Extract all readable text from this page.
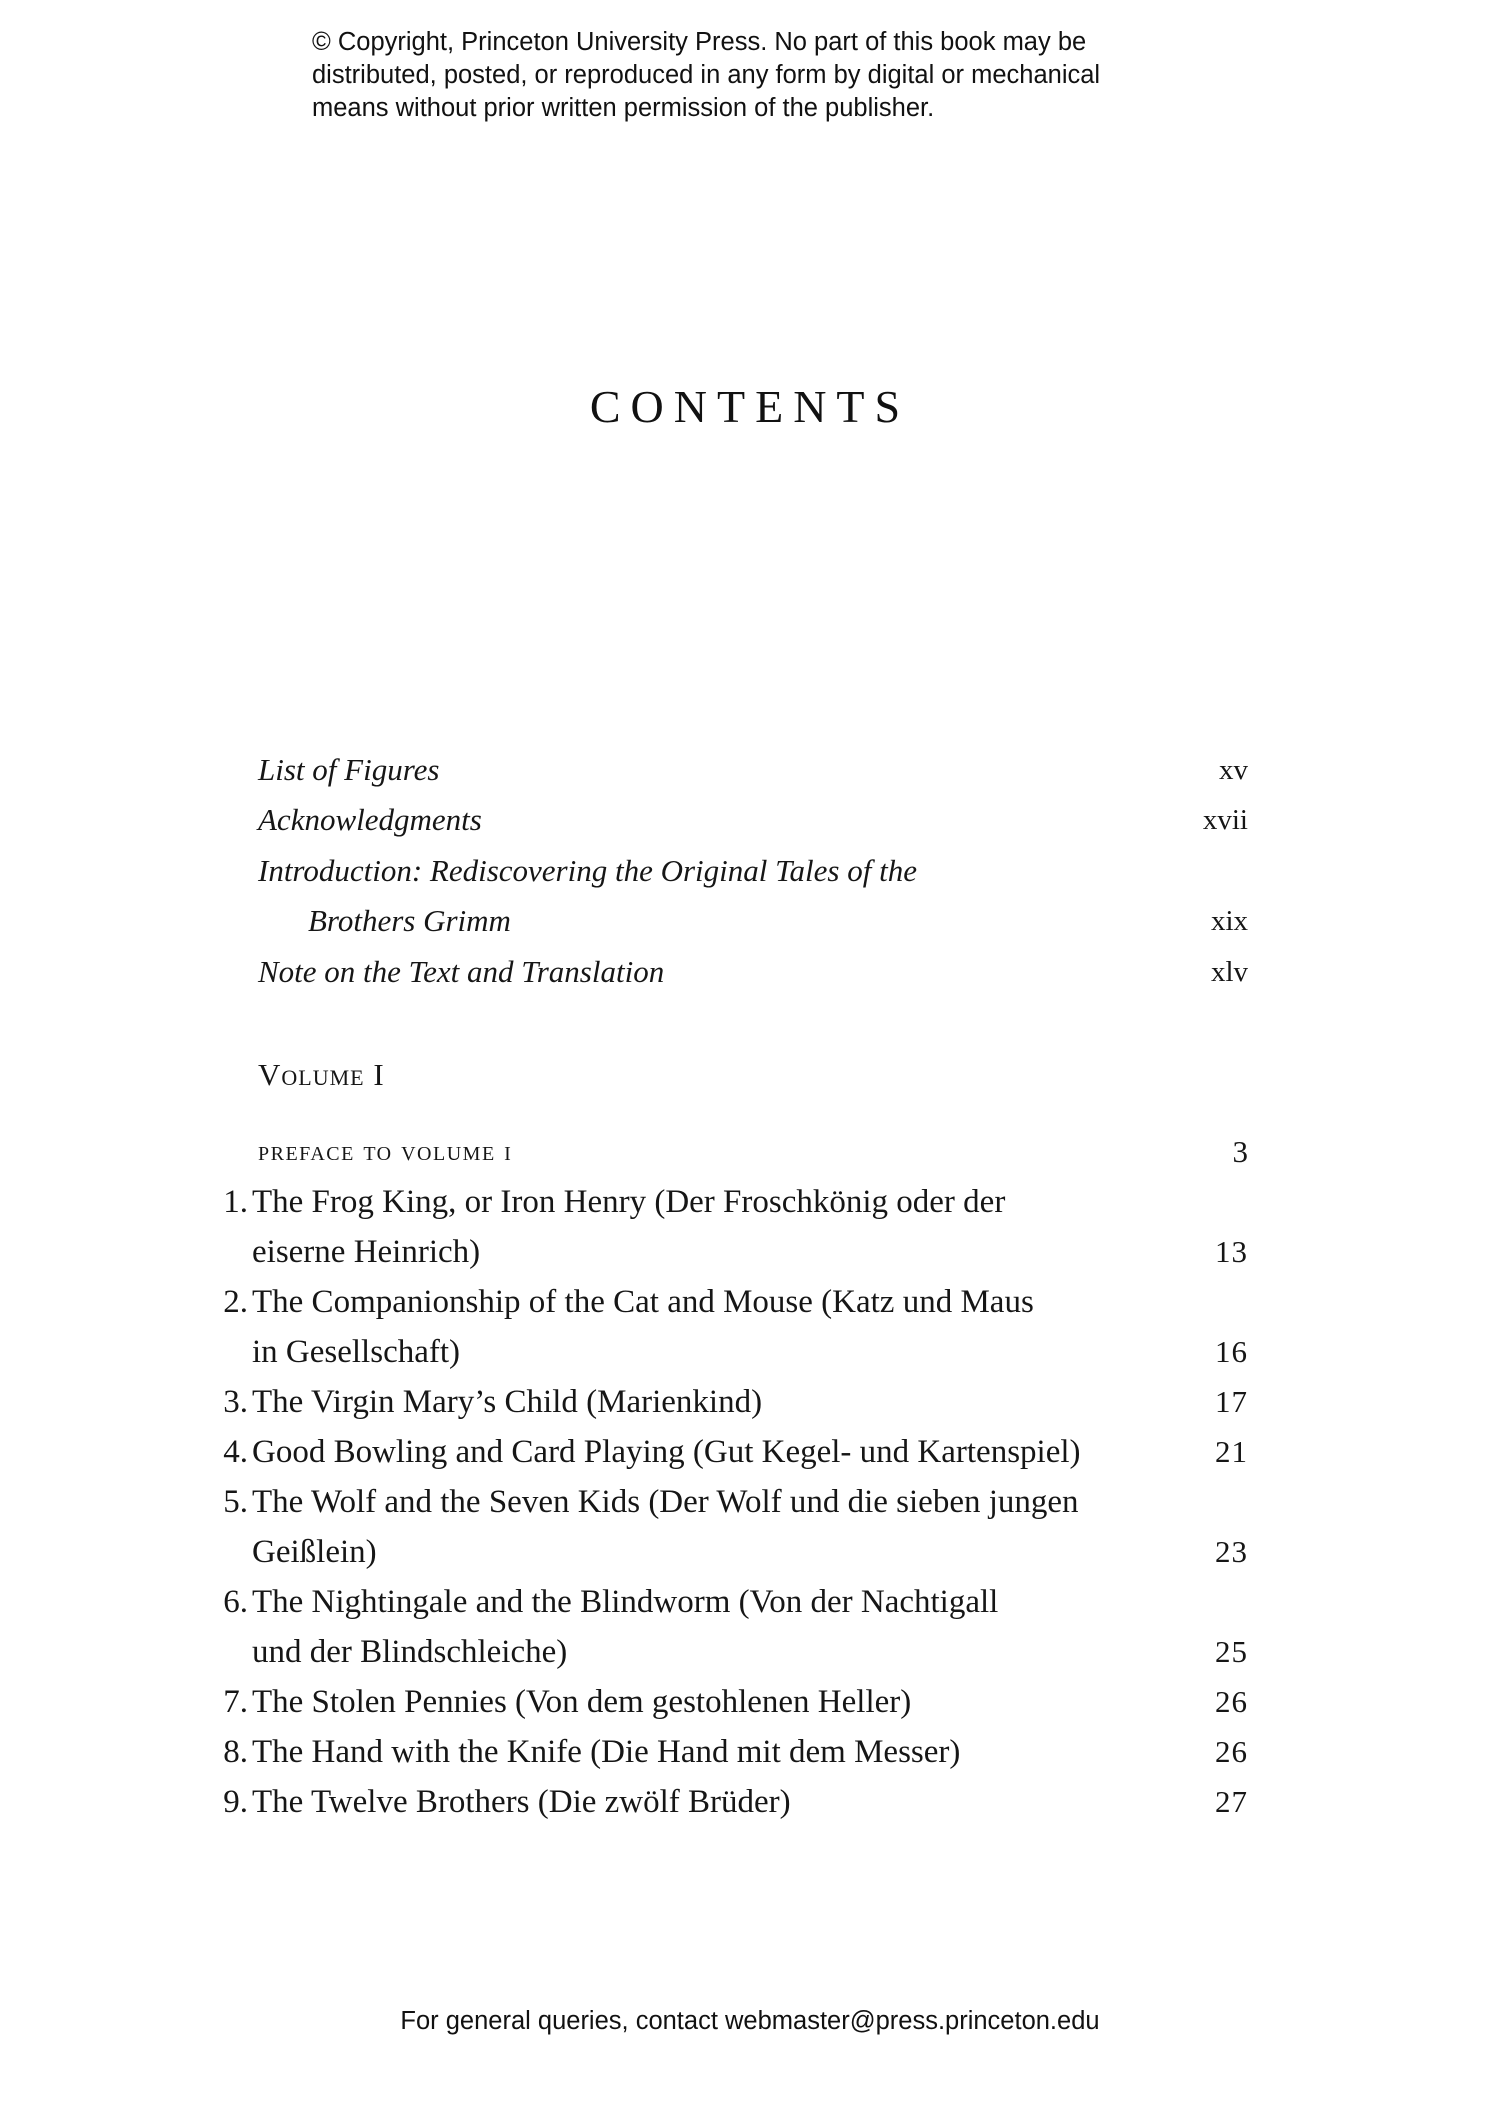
© Copyright, Princeton University Press. No part of this book may be
distributed, posted, or reproduced in any form by digital or mechanical
means without prior written permission of the publisher.
CONTENTS
List of Figures	xv
Acknowledgments	xvii
Introduction: Rediscovering the Original Tales of the
Brothers Grimm	xix
Note on the Text and Translation	xlv
Volume I
preface to volume i	3
1. The Frog King, or Iron Henry (Der Froschkönig oder der
eiserne Heinrich)	13
2. The Companionship of the Cat and Mouse (Katz und Maus
in Gesellschaft)	16
3. The Virgin Mary’s Child (Marienkind)	17
4. Good Bowling and Card Playing (Gut Kegel- und Kartenspiel)	21
5. The Wolf and the Seven Kids (Der Wolf und die sieben jungen
Geißlein)	23
6. The Nightingale and the Blindworm (Von der Nachtigall
und der Blindschleiche)	25
7. The Stolen Pennies (Von dem gestohlenen Heller)	26
8. The Hand with the Knife (Die Hand mit dem Messer)	26
9. The Twelve Brothers (Die zwölf Brüder)	27
For general queries, contact webmaster@press.princeton.edu
